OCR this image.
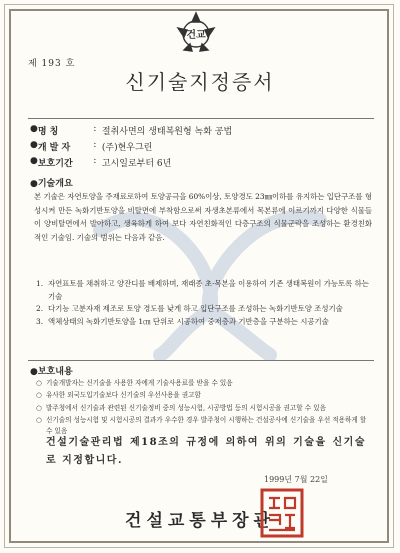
건교
제 193 호
신기술지정증서
● 명 칭	: 절취사면의 생태복원형 녹화 공법
● 개 발 자	: (주)현우그린
● 보호기간	: 고시일로부터 6년
●기술개요
본 기술은 자연토양을 주재료로하여 토양공극을 60%이상, 토양경도 23㎜이하를 유지하는 입단구조를 형성시켜 만든 녹화기반토양을 비탈면에 부착함으로써 자생초본류에서 목본류에 이르기까지 다양한 식물들이 양비탈면에서 발아하고, 생육하게 하여 보다 자연친화적인 다층구조의 식물군락을 조성하는 환경친화적인 기술임. 기술의 범위는 다음과 같음.
1. 자연표토를 채취하고 양잔디를 배제하며, 재래종 초·목본을 이용하여 기존 생태복원이 가능토록 하는 기술
2. 다기능 고분자재 제조로 토양 경도를 낮게 하고 입단구조를 조성하는 녹화기반토양 조성기술
3. 액체상태의 녹화기반토양을 1㎝ 단위로 시공하여 중저층과 기반층을 구분하는 시공기술
●보호내용
○ 기술개발자는 신기술을 사용한 자에게 기술사용료를 받을 수 있음
○ 유사한 외국도입기술보다 신기술의 우선사용을 권고함
○ 발주청에서 신기술과 관련된 신기술정비 중의 성능시험, 시공방법 등의 시험시공을 권고할 수 있음
○ 신기술의 성능시험 및 시험시공의 결과가 우수한 경우 발주청이 시행하는 건설공사에 신기술을 우선 적용하게 할 수 있음
건설기술관리법 제18조의 규정에 의하여 위의 기술을 신기술로 지정합니다.
1999년 7월 22일
건설교통부장관
